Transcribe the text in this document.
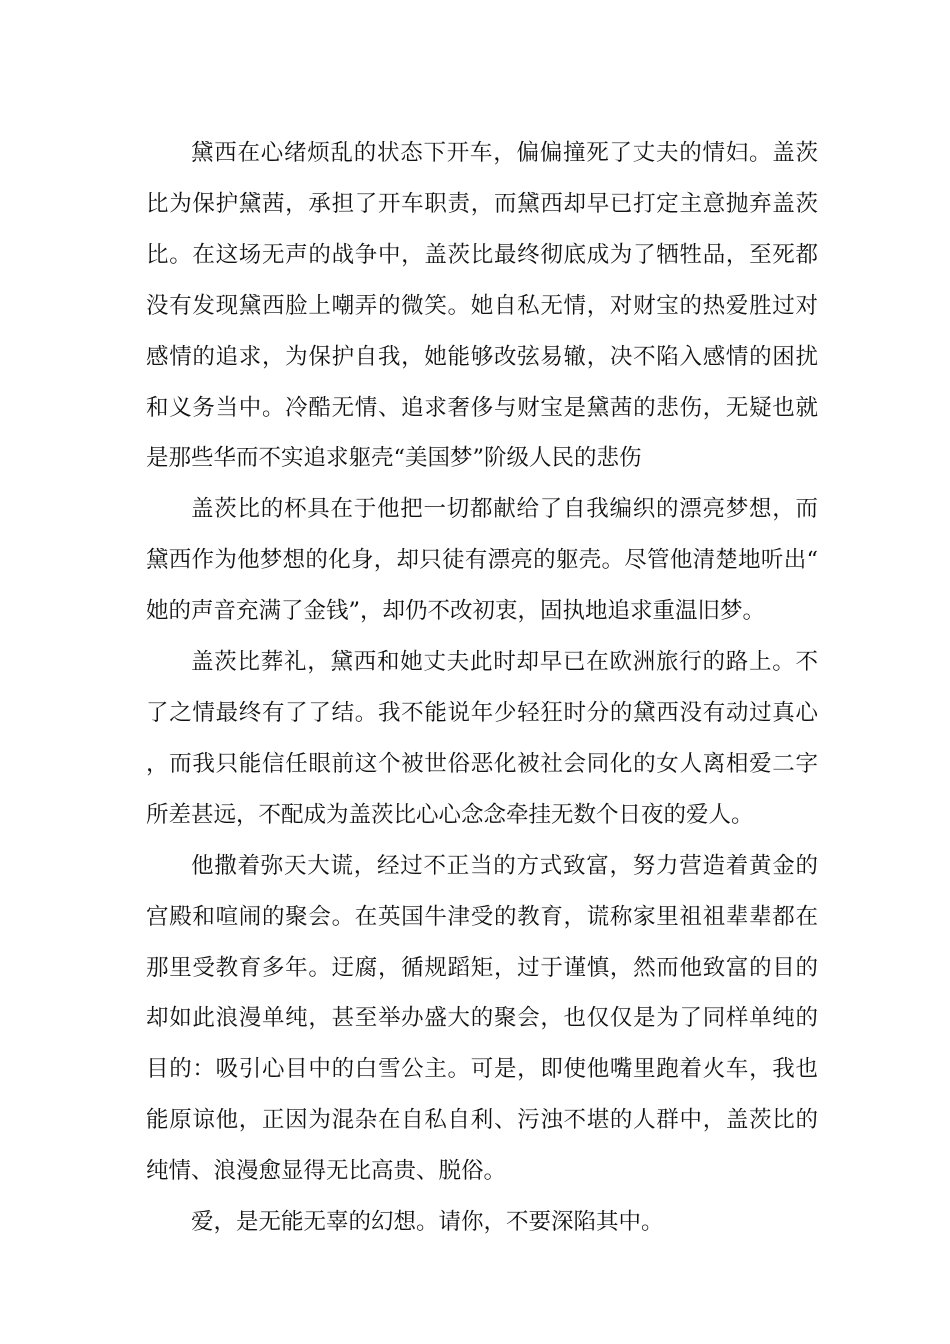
黛西在心绪烦乱的状态下开车，偏偏撞死了丈夫的情妇。盖茨比为保护黛茜，承担了开车职责，而黛西却早已打定主意抛弃盖茨比。在这场无声的战争中，盖茨比最终彻底成为了牺牲品，至死都没有发现黛西脸上嘲弄的微笑。她自私无情，对财宝的热爱胜过对感情的追求，为保护自我，她能够改弦易辙，决不陷入感情的困扰和义务当中。冷酷无情、追求奢侈与财宝是黛茜的悲伤，无疑也就是那些华而不实追求躯壳“美国梦”阶级人民的悲伤

盖茨比的杯具在于他把一切都献给了自我编织的漂亮梦想，而黛西作为他梦想的化身，却只徒有漂亮的躯壳。尽管他清楚地听出“她的声音充满了金钱”，却仍不改初衷，固执地追求重温旧梦。

盖茨比葬礼，黛西和她丈夫此时却早已在欧洲旅行的路上。不了之情最终有了了结。我不能说年少轻狂时分的黛西没有动过真心，而我只能信任眼前这个被世俗恶化被社会同化的女人离相爱二字所差甚远，不配成为盖茨比心心念念牵挂无数个日夜的爱人。

他撒着弥天大谎，经过不正当的方式致富，努力营造着黄金的宫殿和喧闹的聚会。在英国牛津受的教育，谎称家里祖祖辈辈都在那里受教育多年。迂腐，循规蹈矩，过于谨慎，然而他致富的目的却如此浪漫单纯，甚至举办盛大的聚会，也仅仅是为了同样单纯的目的：吸引心目中的白雪公主。可是，即使他嘴里跑着火车，我也能原谅他，正因为混杂在自私自利、污浊不堪的人群中，盖茨比的纯情、浪漫愈显得无比高贵、脱俗。

爱，是无能无辜的幻想。请你，不要深陷其中。
